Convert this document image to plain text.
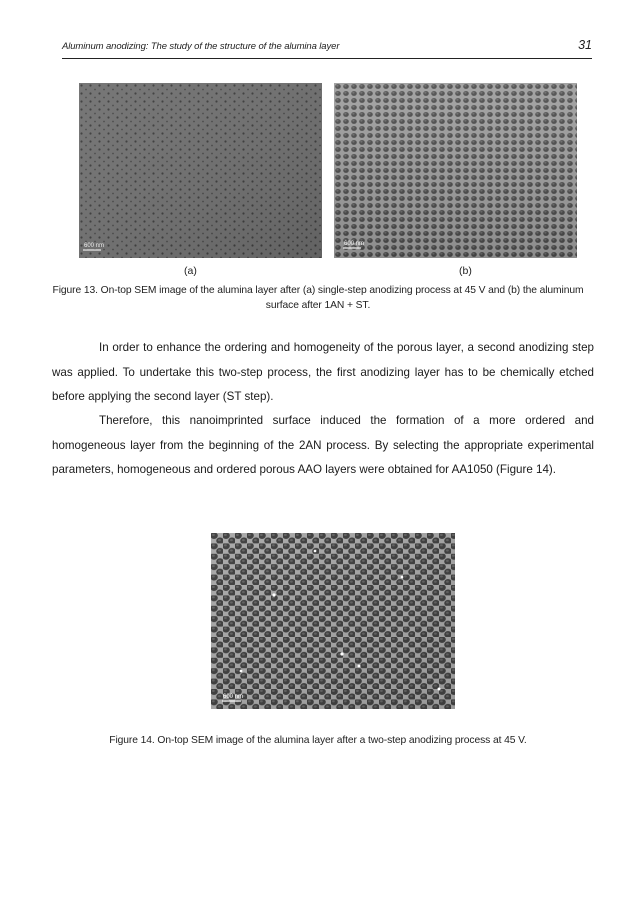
Aluminum anodizing: The study of the structure of the alumina layer	31
600 nm	600 nm
(a)	(b)
Figure 13. On-top SEM image of the alumina layer after (a) single-step anodizing process at 45 V and (b) the aluminum surface after 1AN + ST.

In order to enhance the ordering and homogeneity of the porous layer, a second anodizing step was applied. To undertake this two-step process, the first anodizing layer has to be chemically etched before applying the second layer (ST step).

Therefore, this nanoimprinted surface induced the formation of a more ordered and homogeneous layer from the beginning of the 2AN process. By selecting the appropriate experimental parameters, homogeneous and ordered porous AAO layers were obtained for AA1050 (Figure 14).

600 nm
Figure 14. On-top SEM image of the alumina layer after a two-step anodizing process at 45 V.
